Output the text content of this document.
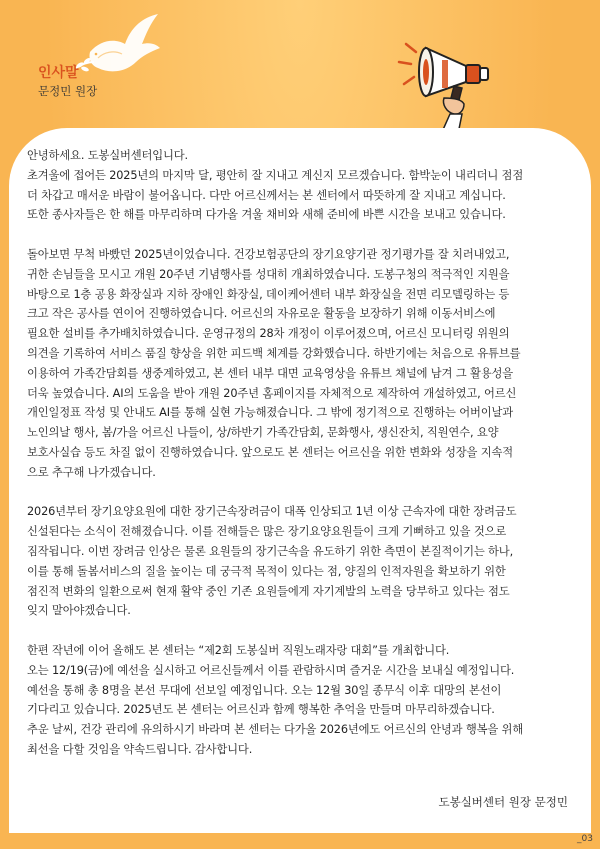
인사말
문정민 원장

안녕하세요. 도봉실버센터입니다.
초겨울에 접어든 2025년의 마지막 달, 평안히 잘 지내고 계신지 모르겠습니다. 함박눈이 내리더니 점점
더 차갑고 매서운 바람이 불어옵니다. 다만 어르신께서는 본 센터에서 따뜻하게 잘 지내고 계십니다.
또한 종사자들은 한 해를 마무리하며 다가올 겨울 채비와 새해 준비에 바쁜 시간을 보내고 있습니다.

돌아보면 무척 바빴던 2025년이었습니다. 건강보험공단의 장기요양기관 정기평가를 잘 치러내었고,
귀한 손님들을 모시고 개원 20주년 기념행사를 성대히 개최하였습니다. 도봉구청의 적극적인 지원을
바탕으로 1층 공용 화장실과 지하 장애인 화장실, 데이케어센터 내부 화장실을 전면 리모델링하는 등
크고 작은 공사를 연이어 진행하였습니다. 어르신의 자유로운 활동을 보장하기 위해 이동서비스에
필요한 설비를 추가배치하였습니다. 운영규정의 28차 개정이 이루어졌으며, 어르신 모니터링 위원의
의견을 기록하여 서비스 품질 향상을 위한 피드백 체계를 강화했습니다. 하반기에는 처음으로 유튜브를
이용하여 가족간담회를 생중계하였고, 본 센터 내부 대면 교육영상을 유튜브 채널에 남겨 그 활용성을
더욱 높였습니다. AI의 도움을 받아 개원 20주년 홈페이지를 자체적으로 제작하여 개설하였고, 어르신
개인일정표 작성 및 안내도 AI를 통해 실현 가능해졌습니다. 그 밖에 정기적으로 진행하는 어버이날과
노인의날 행사, 봄/가을 어르신 나들이, 상/하반기 가족간담회, 문화행사, 생신잔치, 직원연수, 요양
보호사실습 등도 차질 없이 진행하였습니다. 앞으로도 본 센터는 어르신을 위한 변화와 성장을 지속적
으로 추구해 나가겠습니다.

2026년부터 장기요양요원에 대한 장기근속장려금이 대폭 인상되고 1년 이상 근속자에 대한 장려금도
신설된다는 소식이 전해졌습니다. 이를 전해들은 많은 장기요양요원들이 크게 기뻐하고 있을 것으로
짐작됩니다. 이번 장려금 인상은 물론 요원들의 장기근속을 유도하기 위한 측면이 본질적이기는 하나,
이를 통해 돌봄서비스의 질을 높이는 데 궁극적 목적이 있다는 점, 양질의 인적자원을 확보하기 위한
점진적 변화의 일환으로써 현재 활약 중인 기존 요원들에게 자기계발의 노력을 당부하고 있다는 점도
잊지 말아야겠습니다.

한편 작년에 이어 올해도 본 센터는 “제2회 도봉실버 직원노래자랑 대회”를 개최합니다.
오는 12/19(금)에 예선을 실시하고 어르신들께서 이를 관람하시며 즐거운 시간을 보내실 예정입니다.
예선을 통해 총 8명을 본선 무대에 선보일 예정입니다. 오는 12월 30일 종무식 이후 대망의 본선이
기다리고 있습니다. 2025년도 본 센터는 어르신과 함께 행복한 추억을 만들며 마무리하겠습니다.
추운 날씨, 건강 관리에 유의하시기 바라며 본 센터는 다가올 2026년에도 어르신의 안녕과 행복을 위해
최선을 다할 것임을 약속드립니다. 감사합니다.

도봉실버센터 원장 문정민
_03
